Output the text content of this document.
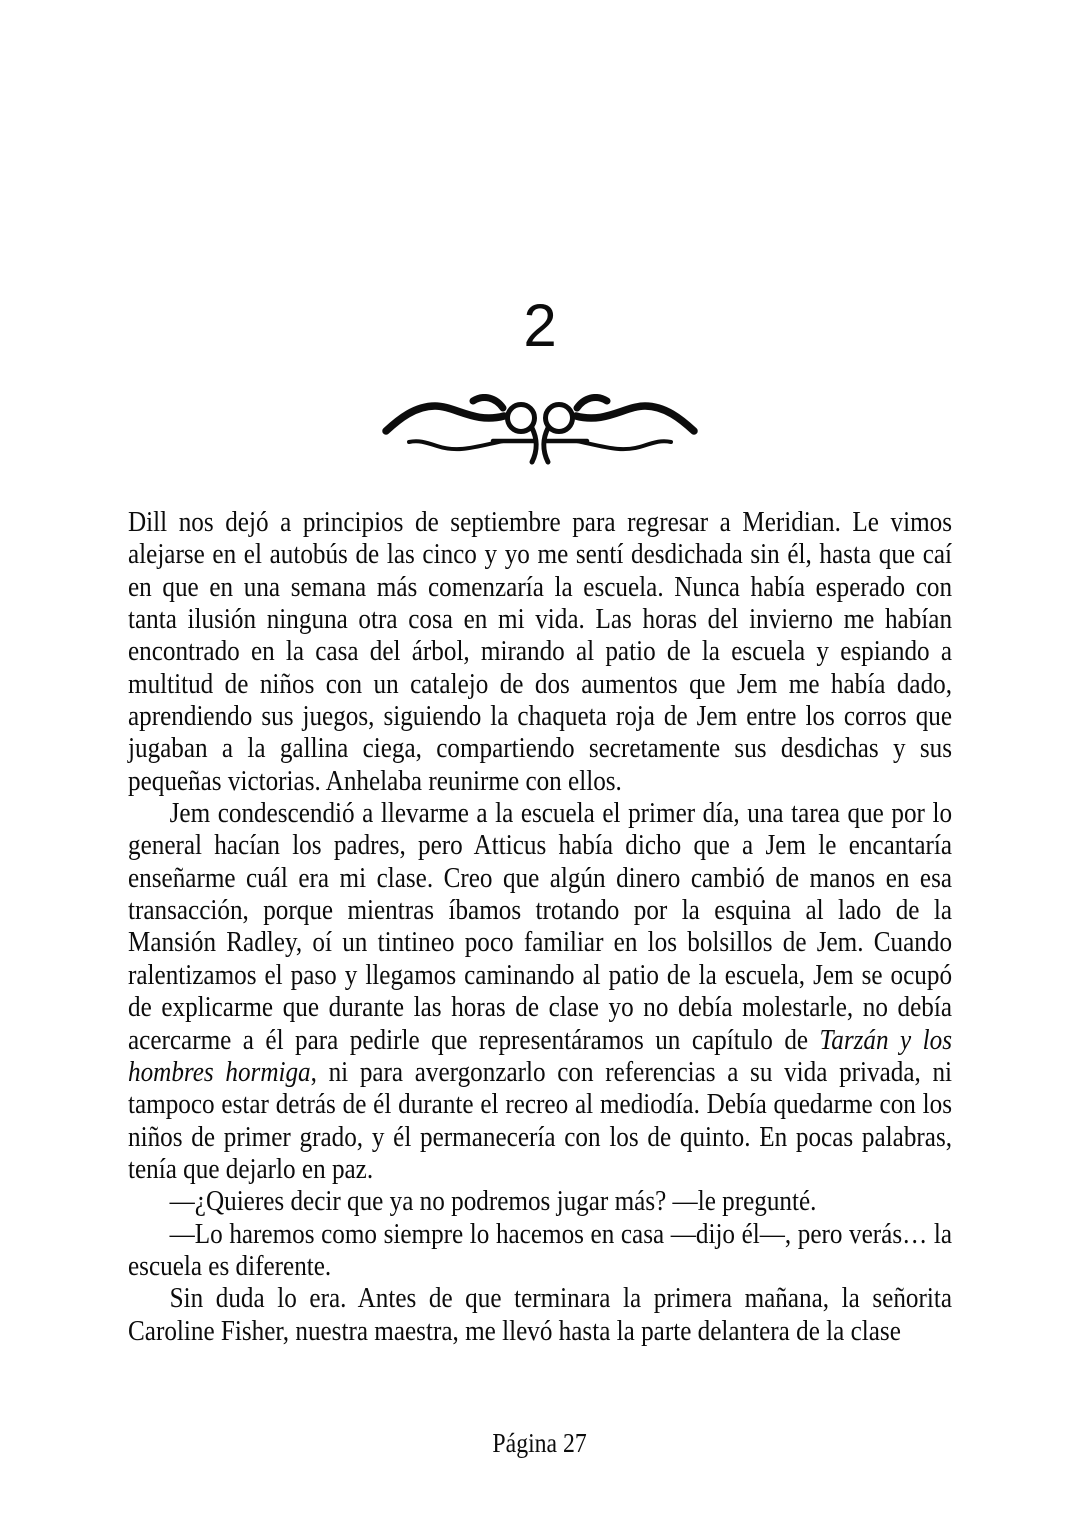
2

Dill nos dejó a principios de septiembre para regresar a Meridian. Le vimos alejarse en el autobús de las cinco y yo me sentí desdichada sin él, hasta que caí en que en una semana más comenzaría la escuela. Nunca había esperado con tanta ilusión ninguna otra cosa en mi vida. Las horas del invierno me habían encontrado en la casa del árbol, mirando al patio de la escuela y espiando a multitud de niños con un catalejo de dos aumentos que Jem me había dado, aprendiendo sus juegos, siguiendo la chaqueta roja de Jem entre los corros que jugaban a la gallina ciega, compartiendo secretamente sus desdichas y sus pequeñas victorias. Anhelaba reunirme con ellos.

Jem condescendió a llevarme a la escuela el primer día, una tarea que por lo general hacían los padres, pero Atticus había dicho que a Jem le encantaría enseñarme cuál era mi clase. Creo que algún dinero cambió de manos en esa transacción, porque mientras íbamos trotando por la esquina al lado de la Mansión Radley, oí un tintineo poco familiar en los bolsillos de Jem. Cuando ralentizamos el paso y llegamos caminando al patio de la escuela, Jem se ocupó de explicarme que durante las horas de clase yo no debía molestarle, no debía acercarme a él para pedirle que representáramos un capítulo de Tarzán y los hombres hormiga, ni para avergonzarlo con referencias a su vida privada, ni tampoco estar detrás de él durante el recreo al mediodía. Debía quedarme con los niños de primer grado, y él permanecería con los de quinto. En pocas palabras, tenía que dejarlo en paz.

—¿Quieres decir que ya no podremos jugar más? —le pregunté.

—Lo haremos como siempre lo hacemos en casa —dijo él—, pero verás… la escuela es diferente.

Sin duda lo era. Antes de que terminara la primera mañana, la señorita Caroline Fisher, nuestra maestra, me llevó hasta la parte delantera de la clase

Página 27
